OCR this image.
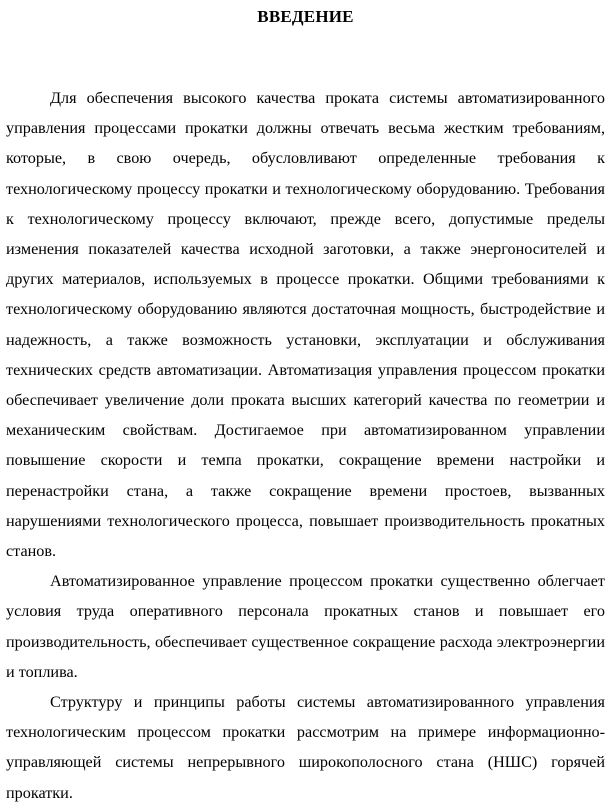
ВВЕДЕНИЕ

Для обеспечения высокого качества проката системы автоматизированного управления процессами прокатки должны отвечать весьма жестким требованиям, которые, в свою очередь, обусловливают определенные требования к технологическому процессу прокатки и технологическому оборудованию. Требования к технологическому процессу включают, прежде всего, допустимые пределы изменения показателей качества исходной заготовки, а также энергоносителей и других материалов, используемых в процессе прокатки. Общими требованиями к технологическому оборудованию являются достаточная мощность, быстродействие и надежность, а также возможность установки, эксплуатации и обслуживания технических средств автоматизации. Автоматизация управления процессом прокатки обеспечивает увеличение доли проката высших категорий качества по геометрии и механическим свойствам. Достигаемое при автоматизированном управлении повышение скорости и темпа прокатки, сокращение времени настройки и перенастройки стана, а также сокращение времени простоев, вызванных нарушениями технологического процесса, повышает производительность прокатных станов.

Автоматизированное управление процессом прокатки существенно облегчает условия труда оперативного персонала прокатных станов и повышает его производительность, обеспечивает существенное сокращение расхода электроэнергии и топлива.

Структуру и принципы работы системы автоматизированного управления технологическим процессом прокатки рассмотрим на примере информационно-управляющей системы непрерывного широкополосного стана (НШС) горячей прокатки.
